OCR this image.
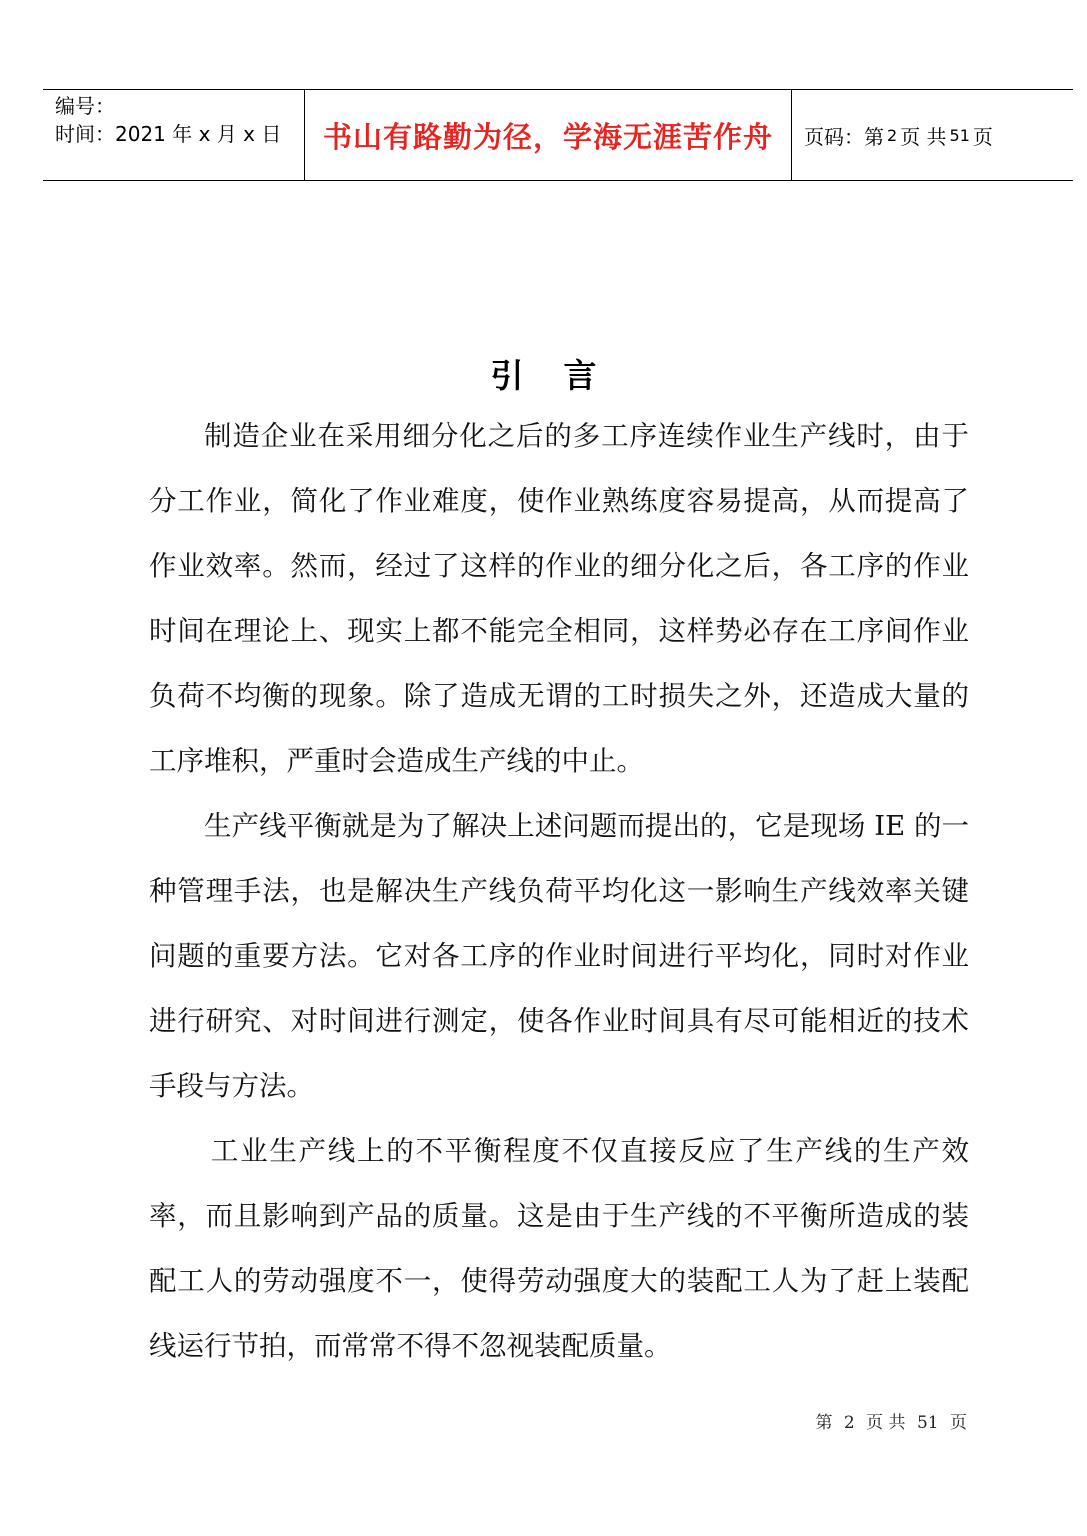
编号：
时间：2021 年 x 月 x 日	书山有路勤为径，学海无涯苦作舟 页码：第 2 页 共 51 页
引 言

制造企业在采用细分化之后的多工序连续作业生产线时，由于分工作业，简化了作业难度，使作业熟练度容易提高，从而提高了作业效率。然而，经过了这样的作业的细分化之后，各工序的作业时间在理论上、现实上都不能完全相同，这样势必存在工序间作业负荷不均衡的现象。除了造成无谓的工时损失之外，还造成大量的工序堆积，严重时会造成生产线的中止。

生产线平衡就是为了解决上述问题而提出的，它是现场 IE 的一种管理手法，也是解决生产线负荷平均化这一影响生产线效率关键问题的重要方法。它对各工序的作业时间进行平均化，同时对作业进行研究、对时间进行测定，使各作业时间具有尽可能相近的技术手段与方法。

工业生产线上的不平衡程度不仅直接反应了生产线的生产效率，而且影响到产品的质量。这是由于生产线的不平衡所造成的装配工人的劳动强度不一，使得劳动强度大的装配工人为了赶上装配线运行节拍，而常常不得不忽视装配质量。

第 2 页 共 51 页
